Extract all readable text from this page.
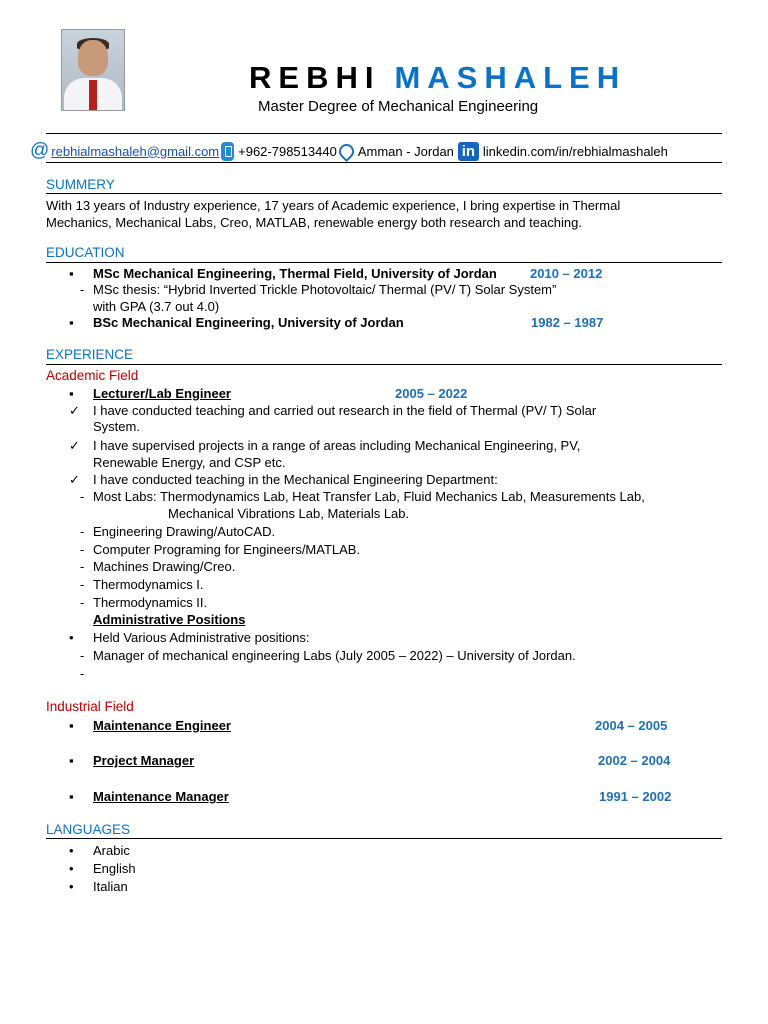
REBHI MASHALEH
Master Degree of Mechanical Engineering
@ rebhialmashaleh@gmail.com +962-798513440 Amman - Jordan in linkedin.com/in/rebhialmashaleh
SUMMERY
With 13 years of Industry experience, 17 years of Academic experience, I bring expertise in Thermal
Mechanics, Mechanical Labs, Creo, MATLAB, renewable energy both research and teaching.
EDUCATION
▪ MSc Mechanical Engineering, Thermal Field, University of Jordan	2010 – 2012
- MSc thesis: “Hybrid Inverted Trickle Photovoltaic/ Thermal (PV/ T) Solar System”
with GPA (3.7 out 4.0)
▪ BSc Mechanical Engineering, University of Jordan	1982 – 1987
EXPERIENCE
Academic Field
▪ Lecturer/Lab Engineer	2005 – 2022
✓ I have conducted teaching and carried out research in the field of Thermal (PV/ T) Solar
System.
✓ I have supervised projects in a range of areas including Mechanical Engineering, PV,
Renewable Energy, and CSP etc.
✓ I have conducted teaching in the Mechanical Engineering Department:
- Most Labs: Thermodynamics Lab, Heat Transfer Lab, Fluid Mechanics Lab, Measurements Lab,
Mechanical Vibrations Lab, Materials Lab.
- Engineering Drawing/AutoCAD.
- Computer Programing for Engineers/MATLAB.
- Machines Drawing/Creo.
- Thermodynamics I.
- Thermodynamics II.
Administrative Positions
• Held Various Administrative positions:
- Manager of mechanical engineering Labs (July 2005 – 2022) – University of Jordan.
-
Industrial Field
▪ Maintenance Engineer	2004 – 2005
▪ Project Manager	2002 – 2004
▪ Maintenance Manager	1991 – 2002
LANGUAGES
• Arabic
• English
• Italian
